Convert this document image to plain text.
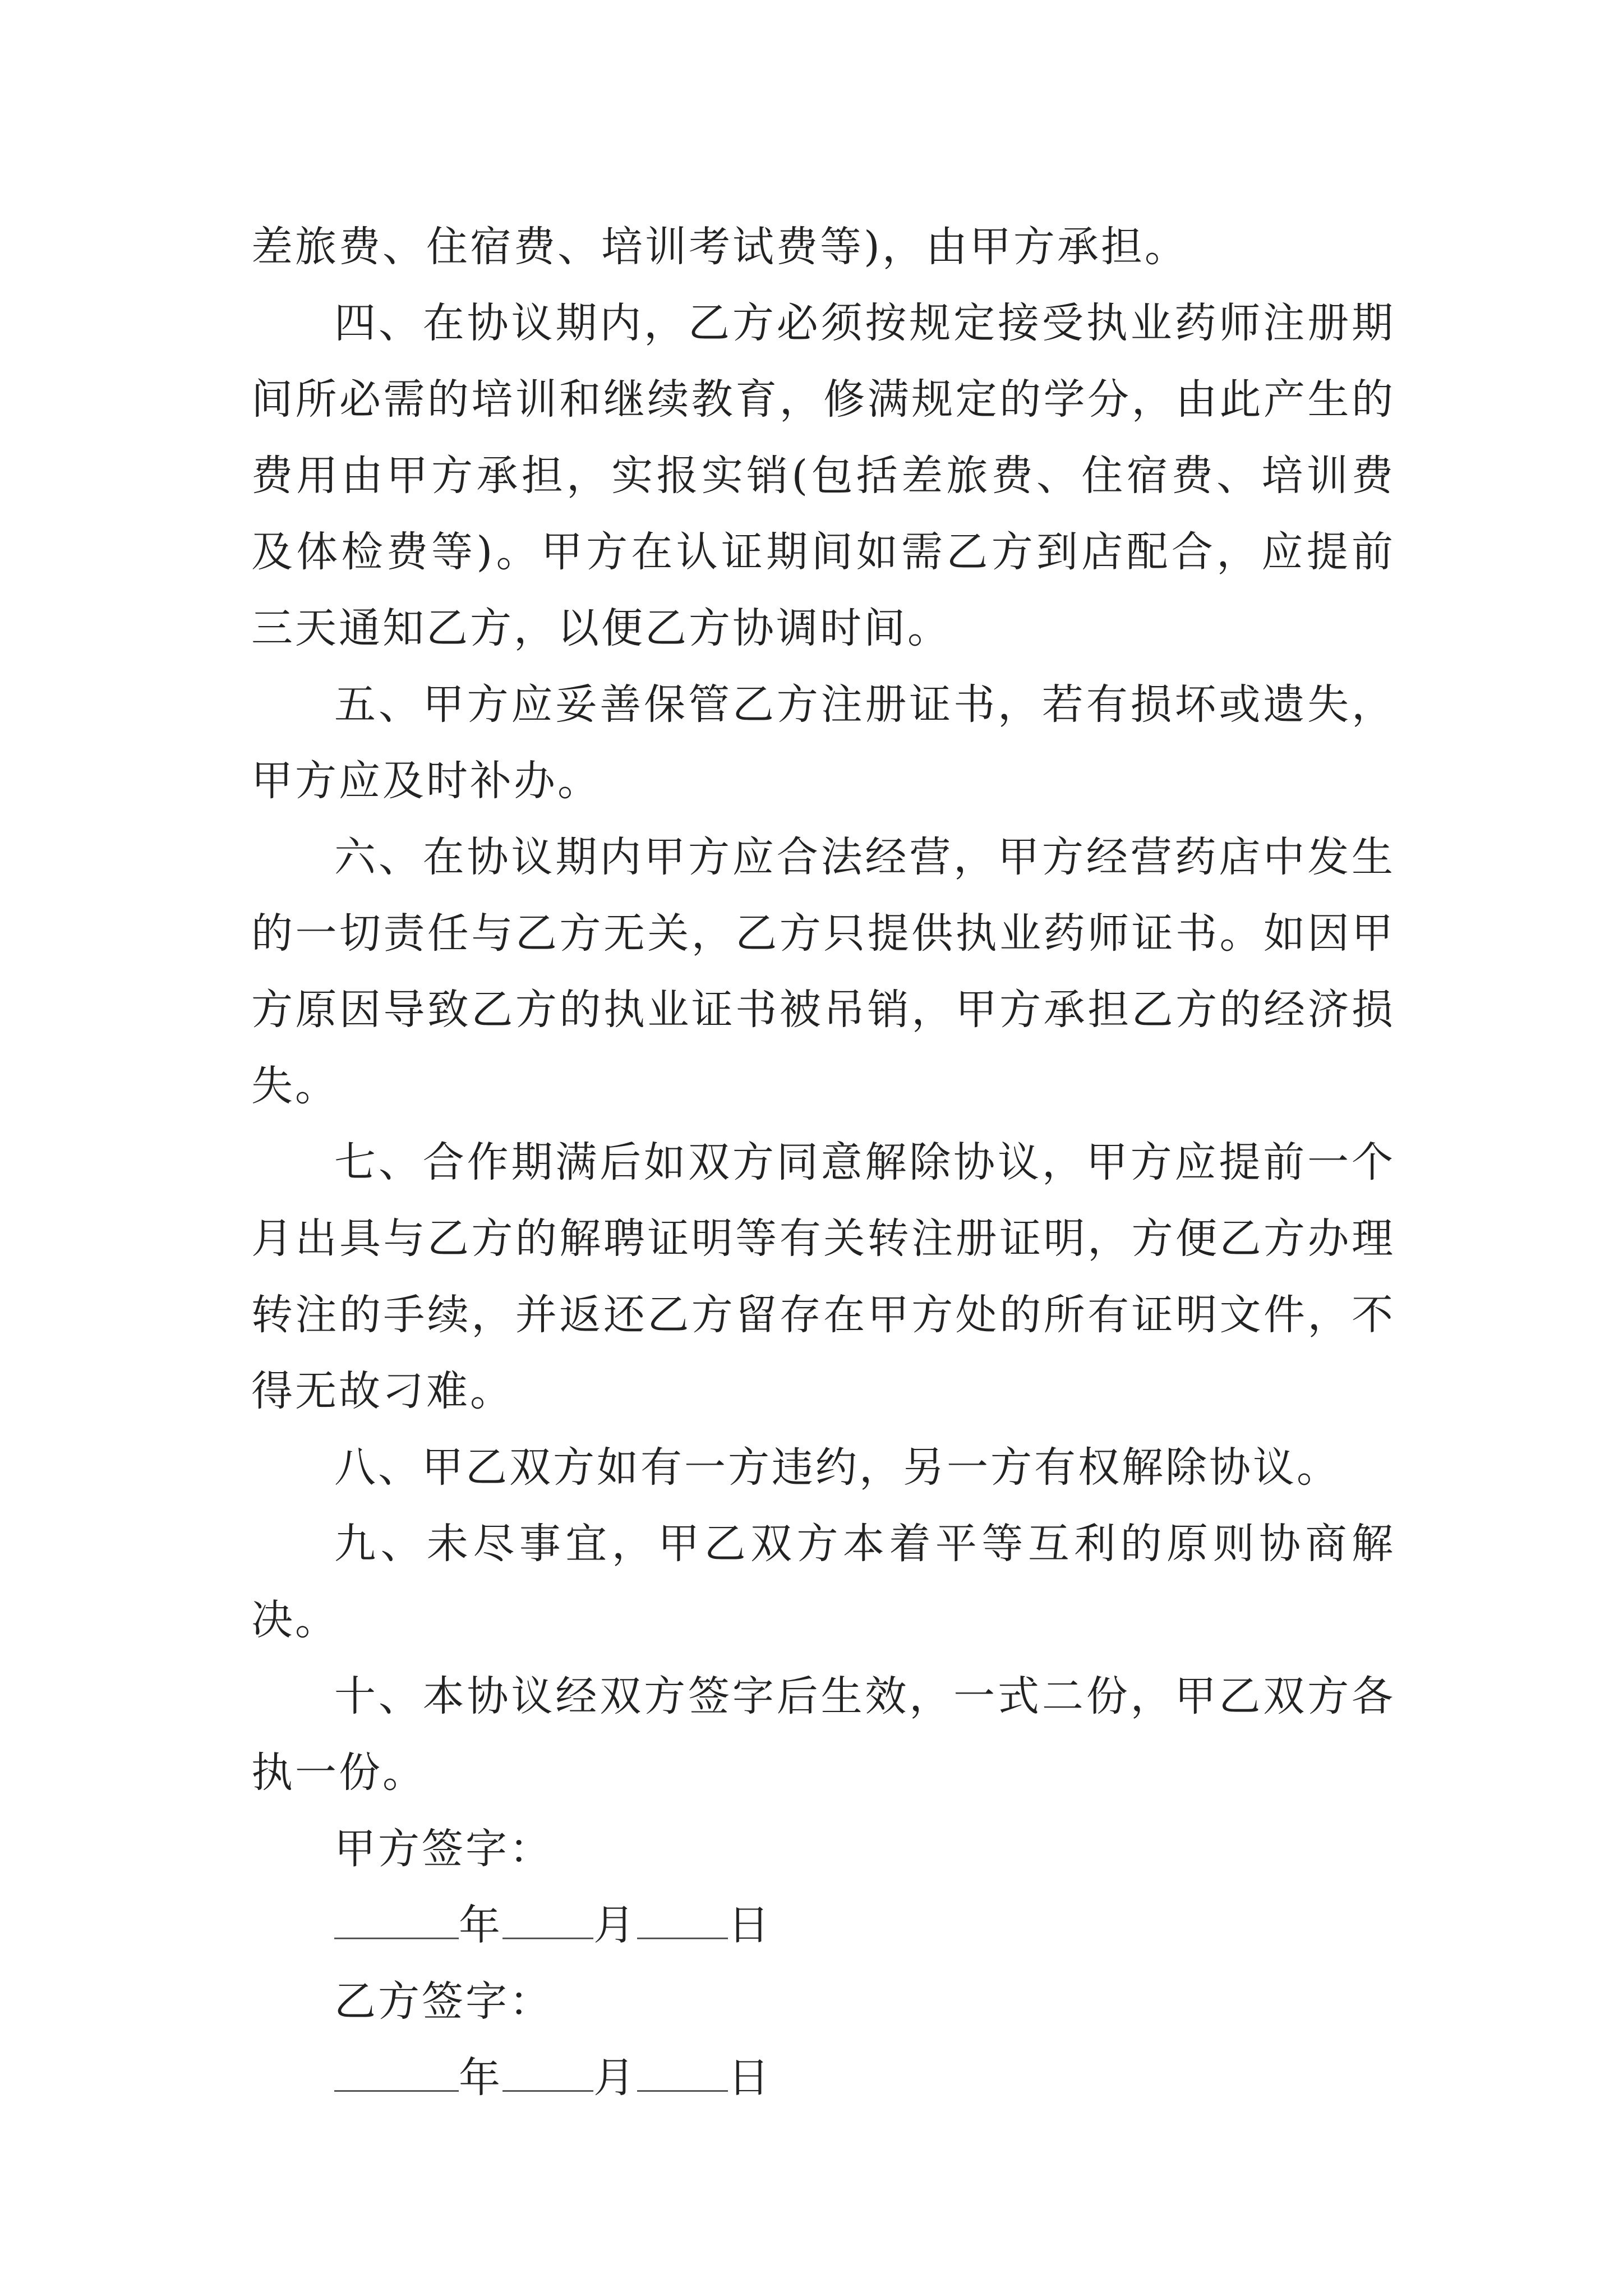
差旅费、住宿费、培训考试费等)，由甲方承担。

四、在协议期内，乙方必须按规定接受执业药师注册期间所必需的培训和继续教育，修满规定的学分，由此产生的费用由甲方承担，实报实销(包括差旅费、住宿费、培训费及体检费等)。甲方在认证期间如需乙方到店配合，应提前三天通知乙方，以便乙方协调时间。

五、甲方应妥善保管乙方注册证书，若有损坏或遗失，甲方应及时补办。

六、在协议期内甲方应合法经营，甲方经营药店中发生的一切责任与乙方无关，乙方只提供执业药师证书。如因甲方原因导致乙方的执业证书被吊销，甲方承担乙方的经济损失。

七、合作期满后如双方同意解除协议，甲方应提前一个月出具与乙方的解聘证明等有关转注册证明，方便乙方办理转注的手续，并返还乙方留存在甲方处的所有证明文件，不得无故刁难。

八、甲乙双方如有一方违约，另一方有权解除协议。

九、未尽事宜，甲乙双方本着平等互利的原则协商解决。

十、本协议经双方签字后生效，一式二份，甲乙双方各执一份。

甲方签字：

年 月 日

乙方签字：

年 月 日
